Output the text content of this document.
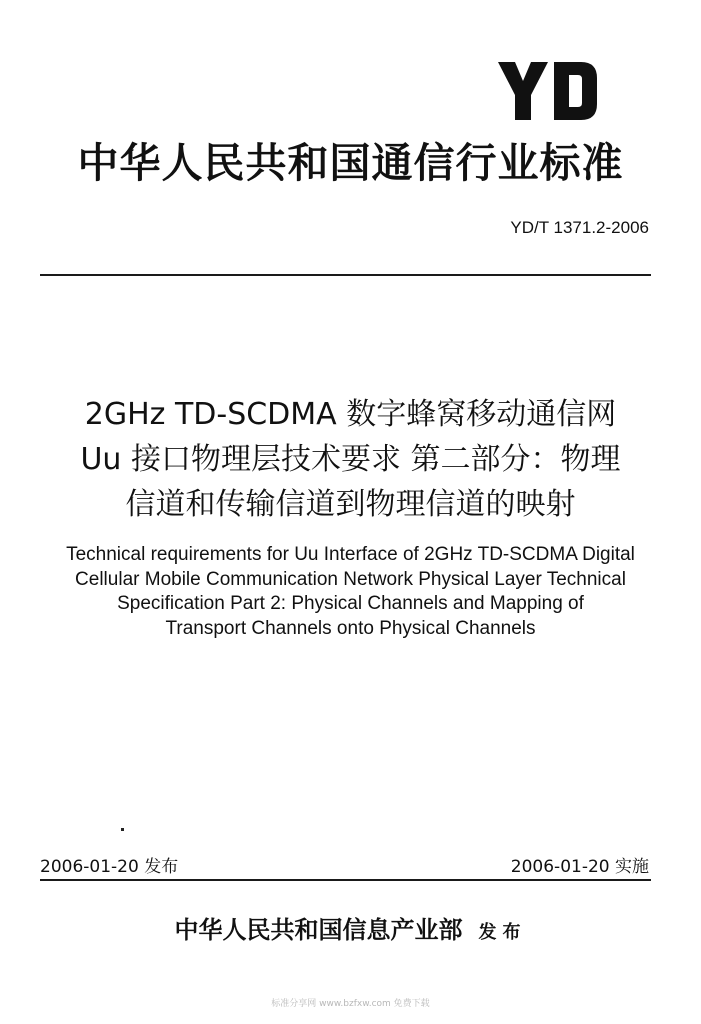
中华人民共和国通信行业标准
YD/T 1371.2-2006
2GHz TD-SCDMA 数字蜂窝移动通信网
Uu 接口物理层技术要求 第二部分：物理
信道和传输信道到物理信道的映射
Technical requirements for Uu Interface of 2GHz TD-SCDMA Digital
Cellular Mobile Communication Network Physical Layer Technical
Specification Part 2: Physical Channels and Mapping of
Transport Channels onto Physical Channels
2006-01-20 发布	2006-01-20 实施
中华人民共和国信息产业部 发布
标准分享网 www.bzfxw.com 免费下载
